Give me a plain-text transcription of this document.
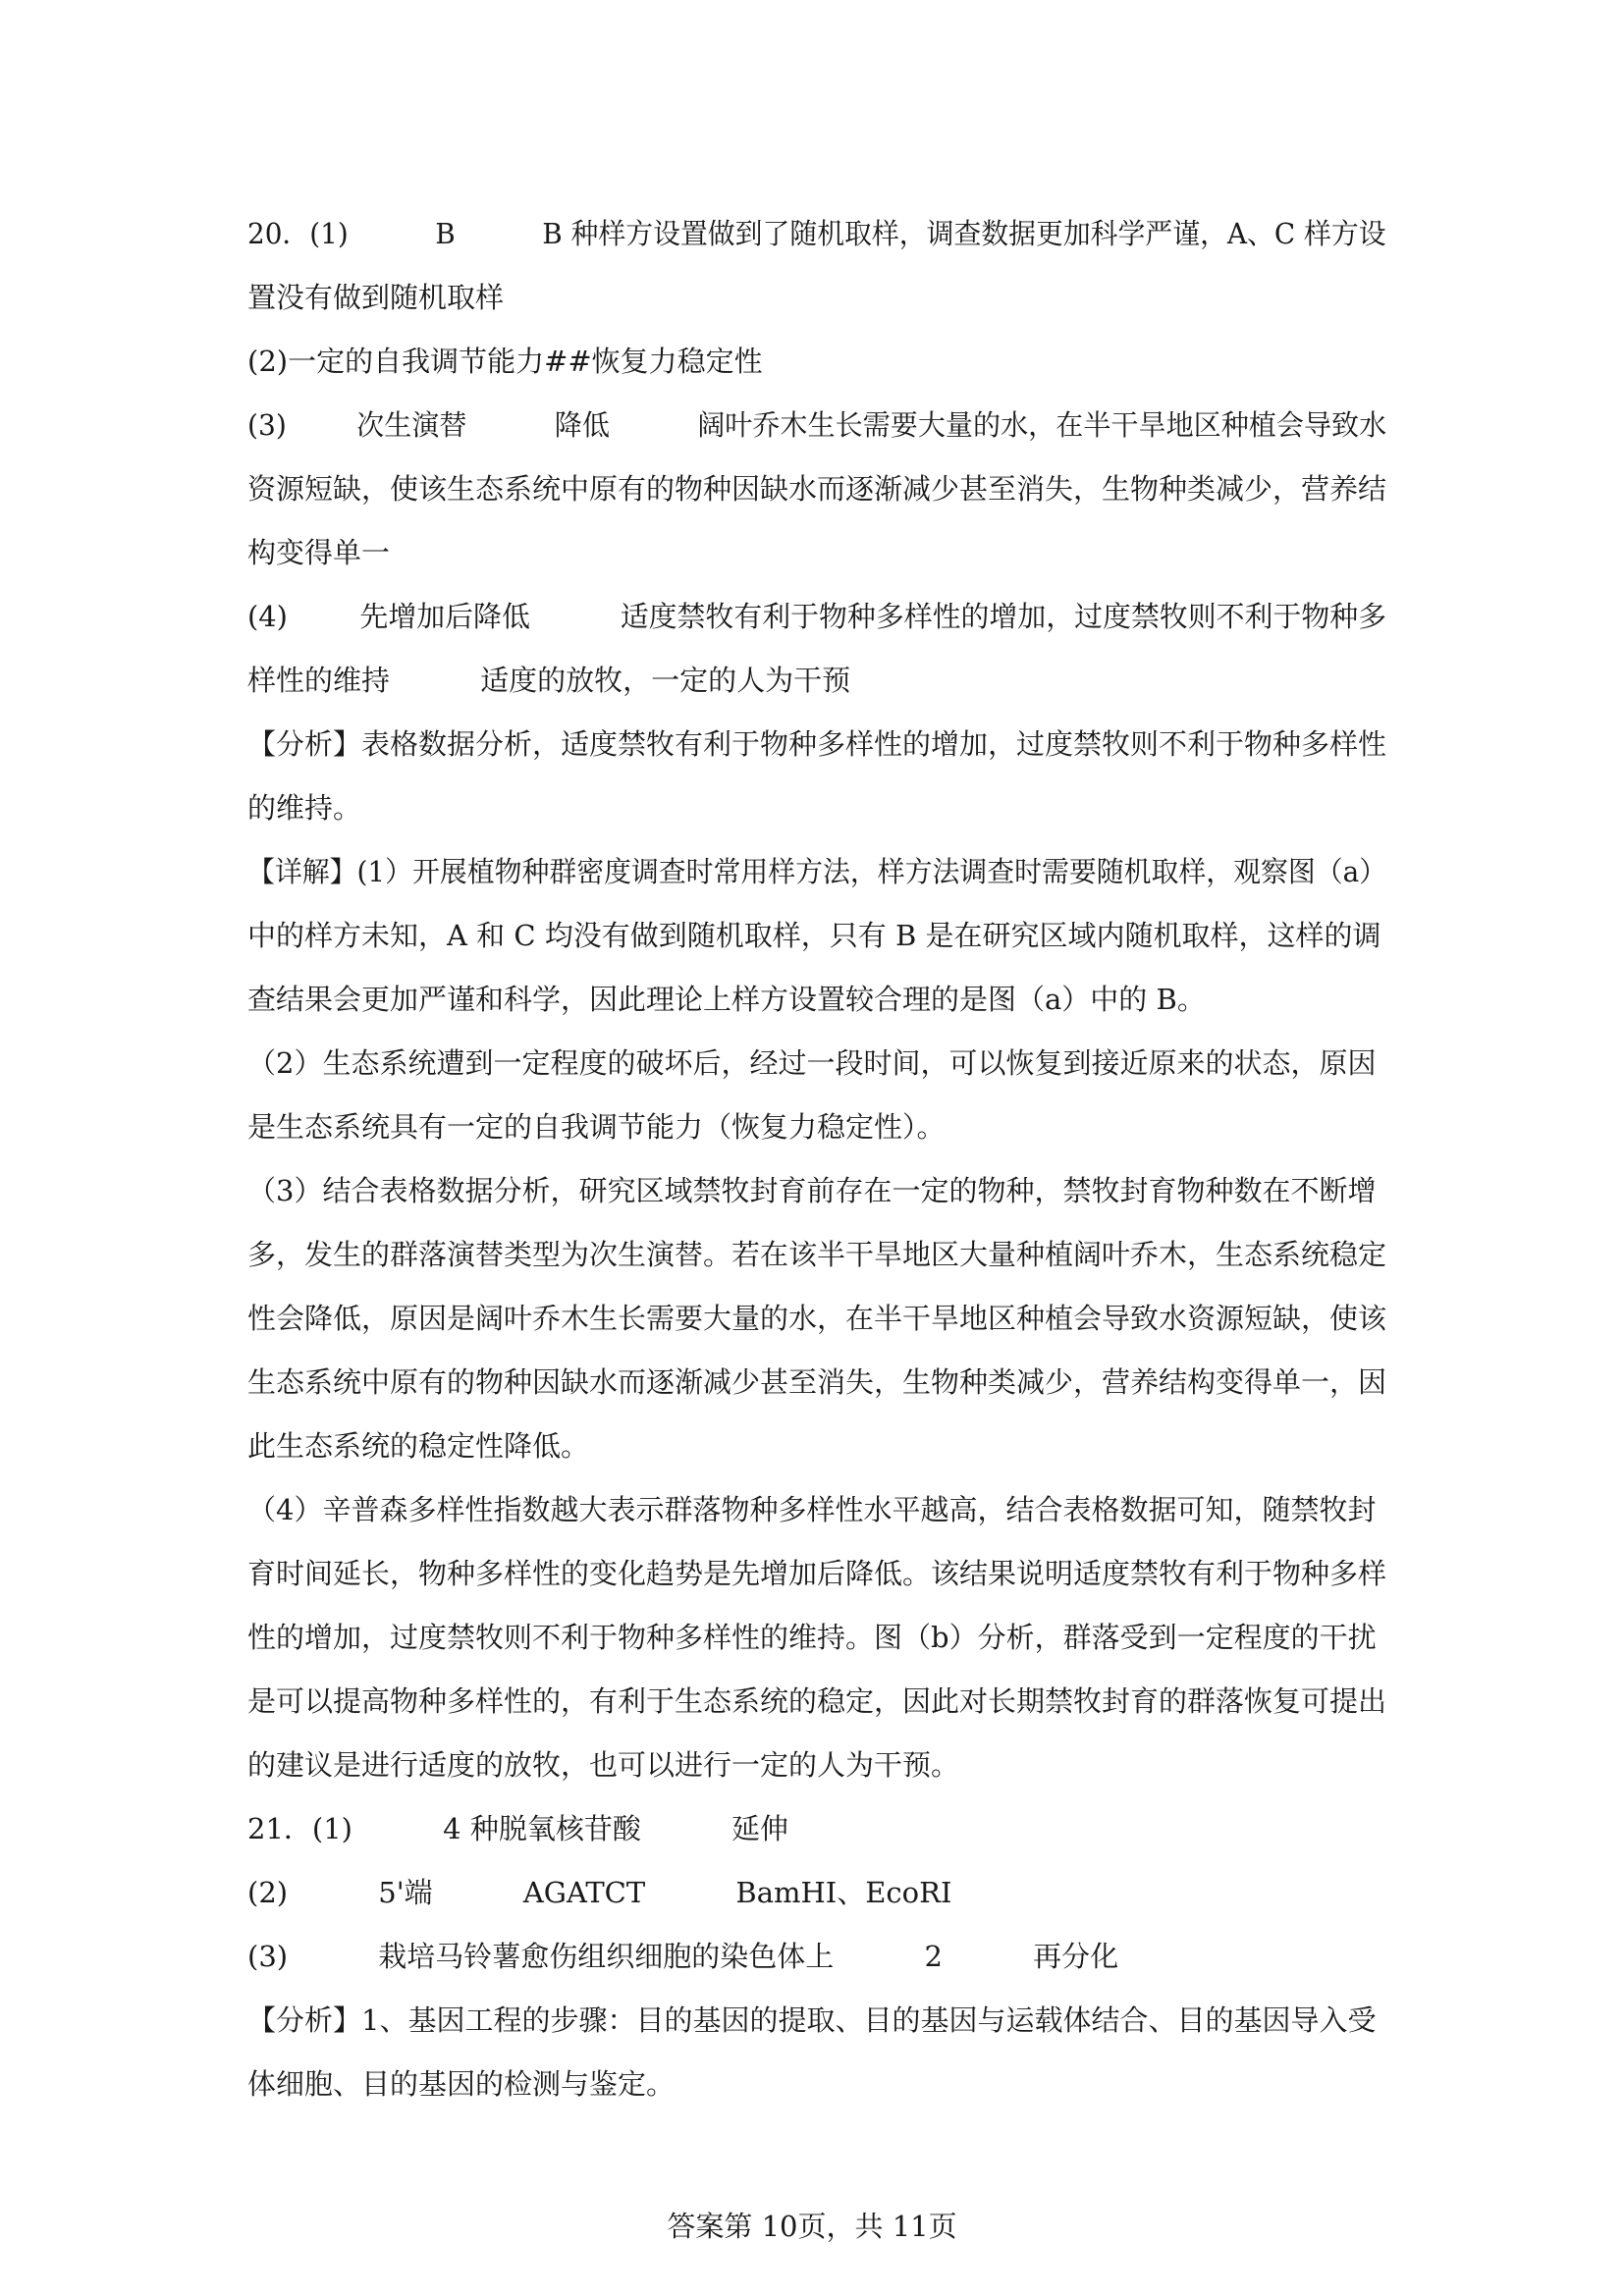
20．(1)          B          B 种样方设置做到了随机取样，调查数据更加科学严谨，A、C 样方设
置没有做到随机取样
(2)一定的自我调节能力##恢复力稳定性
(3)        次生演替          降低          阔叶乔木生长需要大量的水，在半干旱地区种植会导致水
资源短缺，使该生态系统中原有的物种因缺水而逐渐减少甚至消失，生物种类减少，营养结
构变得单一
(4)        先增加后降低          适度禁牧有利于物种多样性的增加，过度禁牧则不利于物种多
样性的维持          适度的放牧，一定的人为干预
【分析】表格数据分析，适度禁牧有利于物种多样性的增加，过度禁牧则不利于物种多样性
的维持。
【详解】(1）开展植物种群密度调查时常用样方法，样方法调查时需要随机取样，观察图（a）
中的样方未知，A 和 C 均没有做到随机取样，只有 B 是在研究区域内随机取样，这样的调
查结果会更加严谨和科学，因此理论上样方设置较合理的是图（a）中的 B。
（2）生态系统遭到一定程度的破坏后，经过一段时间，可以恢复到接近原来的状态，原因
是生态系统具有一定的自我调节能力（恢复力稳定性）。
（3）结合表格数据分析，研究区域禁牧封育前存在一定的物种，禁牧封育物种数在不断增
多，发生的群落演替类型为次生演替。若在该半干旱地区大量种植阔叶乔木，生态系统稳定
性会降低，原因是阔叶乔木生长需要大量的水，在半干旱地区种植会导致水资源短缺，使该
生态系统中原有的物种因缺水而逐渐减少甚至消失，生物种类减少，营养结构变得单一，因
此生态系统的稳定性降低。
（4）辛普森多样性指数越大表示群落物种多样性水平越高，结合表格数据可知，随禁牧封
育时间延长，物种多样性的变化趋势是先增加后降低。该结果说明适度禁牧有利于物种多样
性的增加，过度禁牧则不利于物种多样性的维持。图（b）分析，群落受到一定程度的干扰
是可以提高物种多样性的，有利于生态系统的稳定，因此对长期禁牧封育的群落恢复可提出
的建议是进行适度的放牧，也可以进行一定的人为干预。
21．(1)          4 种脱氧核苷酸          延伸
(2)          5'端          AGATCT          BamHI、EcoRI
(3)          栽培马铃薯愈伤组织细胞的染色体上          2          再分化
【分析】1、基因工程的步骤：目的基因的提取、目的基因与运载体结合、目的基因导入受
体细胞、目的基因的检测与鉴定。
答案第 10页，共 11页
